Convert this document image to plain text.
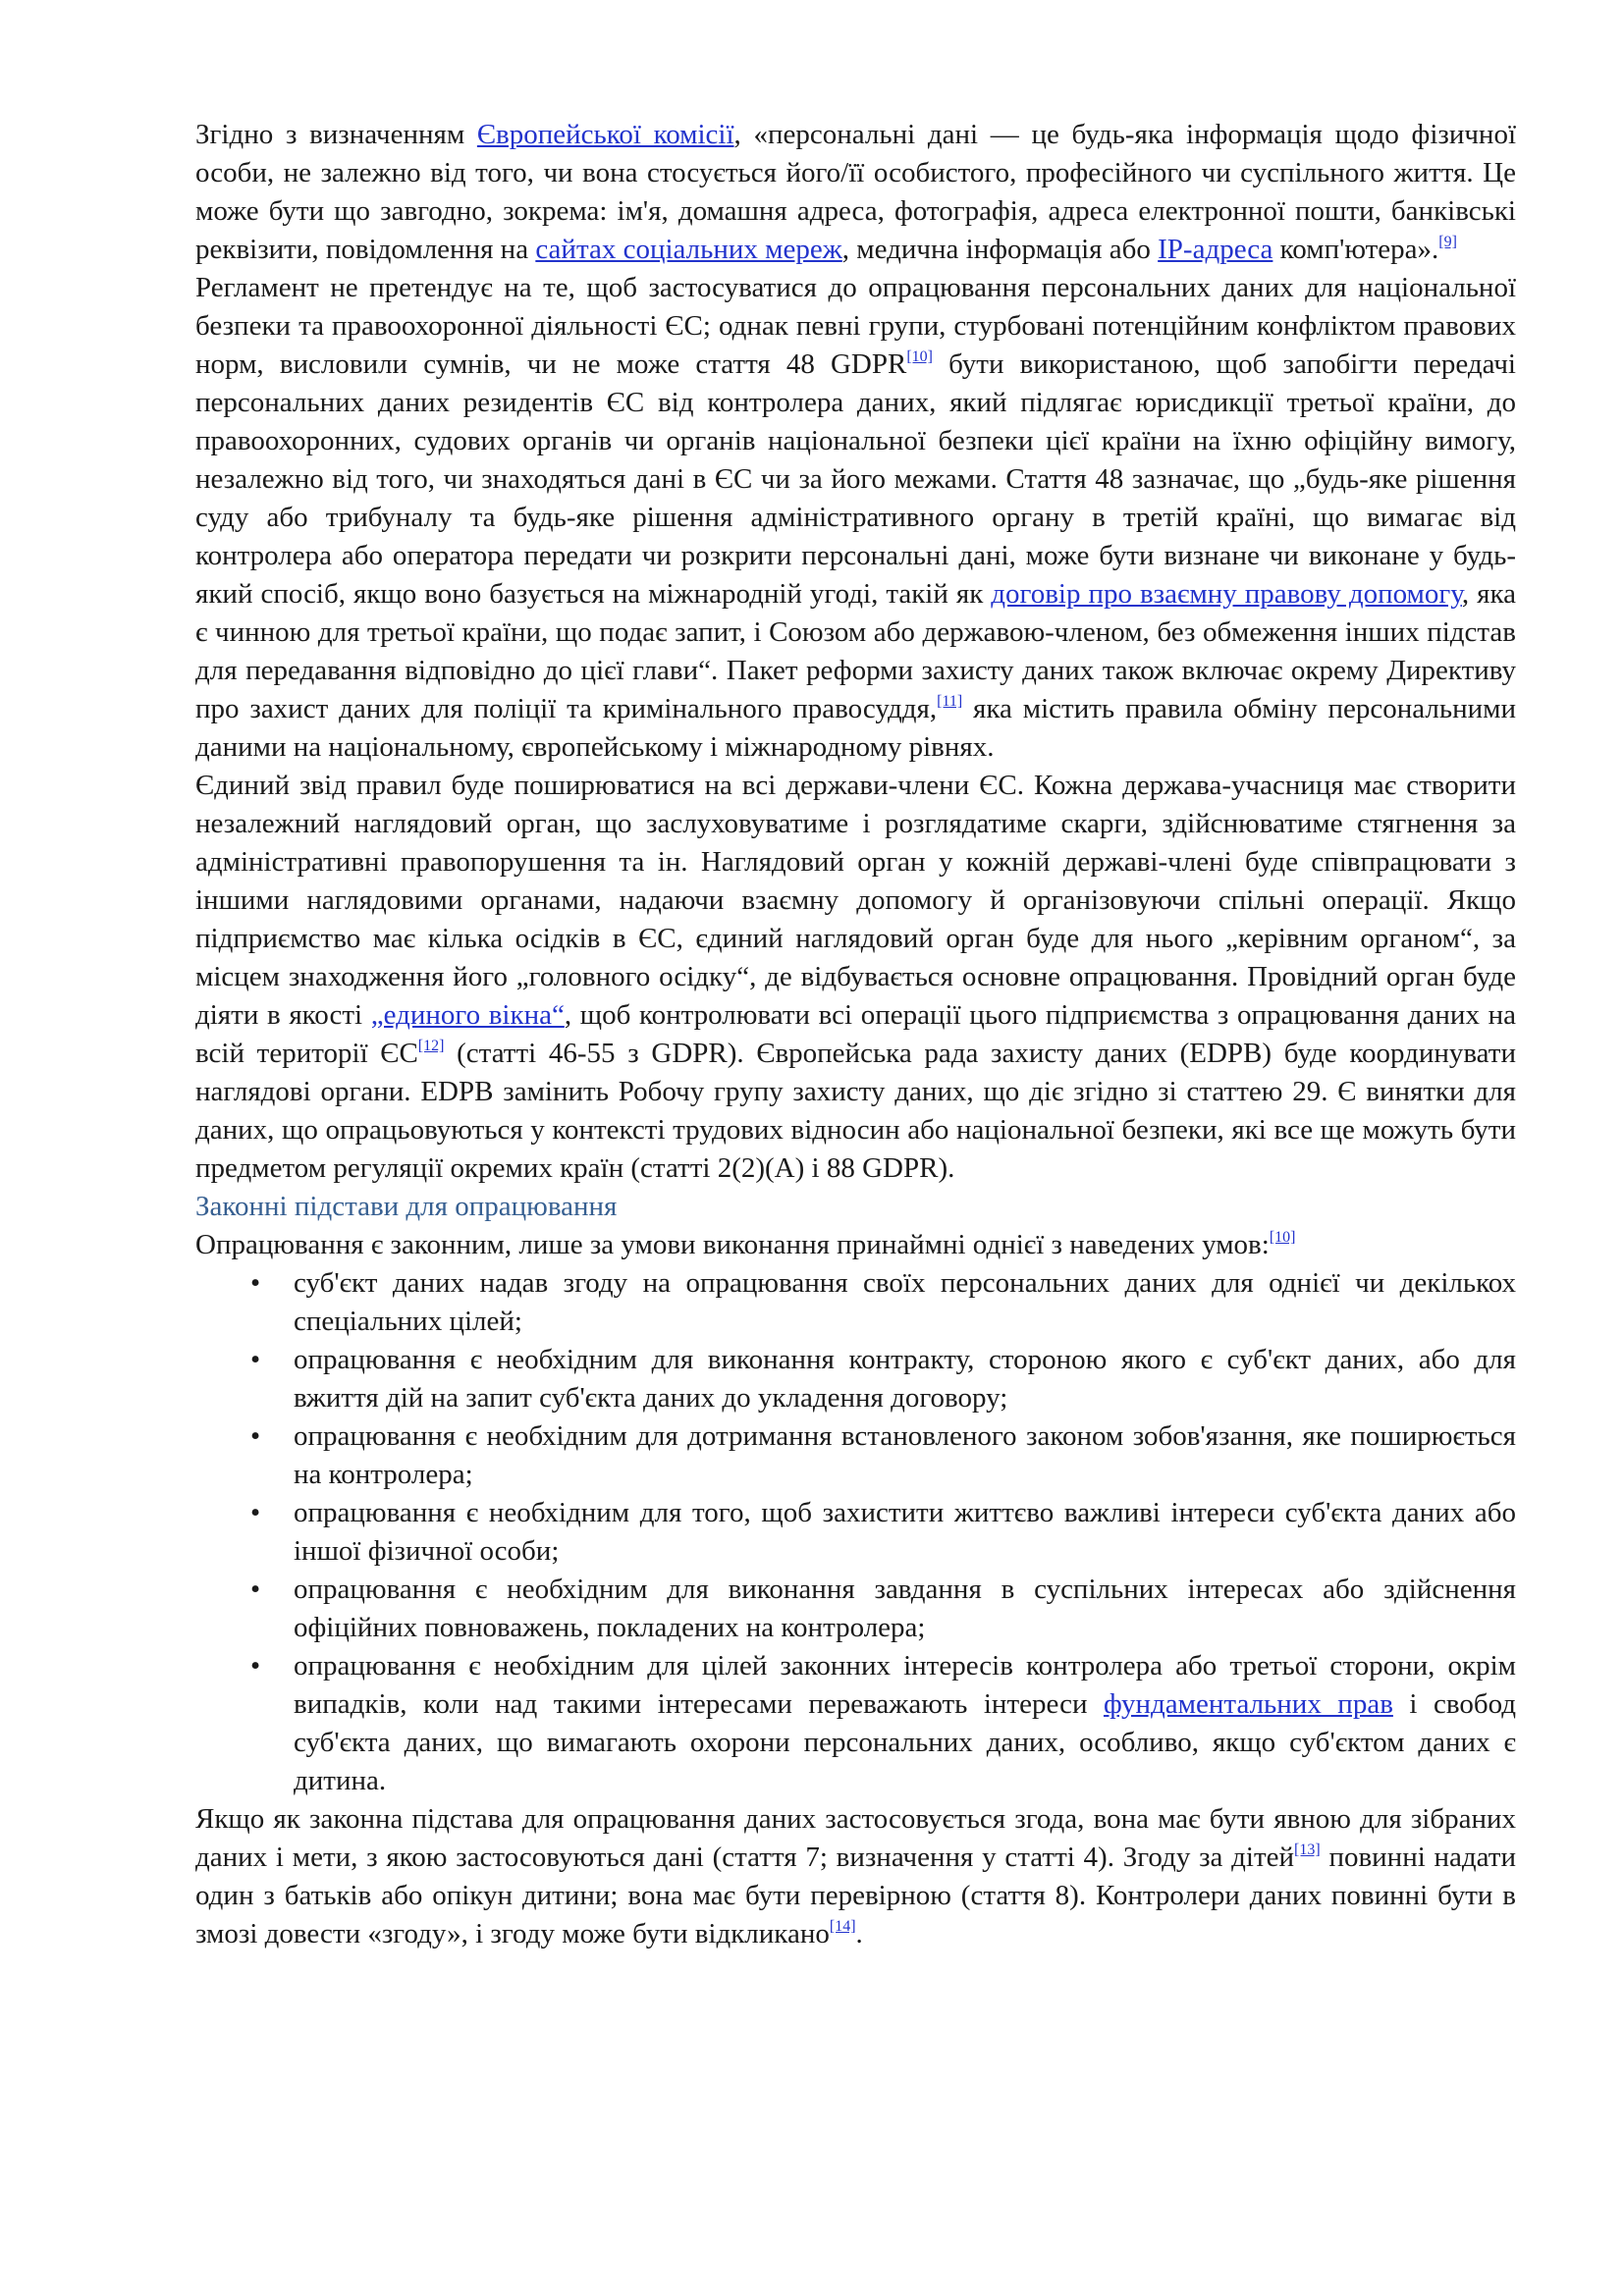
Згідно з визначенням Європейської комісії, «персональні дані — це будь-яка інформація щодо фізичної особи, не залежно від того, чи вона стосується його/її особистого, професійного чи суспільного життя. Це може бути що завгодно, зокрема: ім'я, домашня адреса, фотографія, адреса електронної пошти, банківські реквізити, повідомлення на сайтах соціальних мереж, медична інформація або IP-адреса комп'ютера».[9]

Регламент не претендує на те, щоб застосуватися до опрацювання персональних даних для національної безпеки та правоохоронної діяльності ЄС; однак певні групи, стурбовані потенційним конфліктом правових норм, висловили сумнів, чи не може стаття 48 GDPR[10] бути використаною, щоб запобігти передачі персональних даних резидентів ЄС від контролера даних, який підлягає юрисдикції третьої країни, до правоохоронних, судових органів чи органів національної безпеки цієї країни на їхню офіційну вимогу, незалежно від того, чи знаходяться дані в ЄС чи за його межами. Стаття 48 зазначає, що „будь-яке рішення суду або трибуналу та будь-яке рішення адміністративного органу в третій країні, що вимагає від контролера або оператора передати чи розкрити персональні дані, може бути визнане чи виконане у будь-який спосіб, якщо воно базується на міжнародній угоді, такій як договір про взаємну правову допомогу, яка є чинною для третьої країни, що подає запит, і Союзом або державою-членом, без обмеження інших підстав для передавання відповідно до цієї глави“. Пакет реформи захисту даних також включає окрему Директиву про захист даних для поліції та кримінального правосуддя,[11] яка містить правила обміну персональними даними на національному, європейському і міжнародному рівнях.

Єдиний звід правил буде поширюватися на всі держави-члени ЄС. Кожна держава-учасниця має створити незалежний наглядовий орган, що заслуховуватиме і розглядатиме скарги, здійснюватиме стягнення за адміністративні правопорушення та ін. Наглядовий орган у кожній державі-члені буде співпрацювати з іншими наглядовими органами, надаючи взаємну допомогу й організовуючи спільні операції. Якщо підприємство має кілька осідків в ЄС, єдиний наглядовий орган буде для нього „керівним органом“, за місцем знаходження його „головного осідку“, де відбувається основне опрацювання. Провідний орган буде діяти в якості „единого вікна“, щоб контролювати всі операції цього підприємства з опрацювання даних на всій території ЄС[12] (статті 46-55 з GDPR). Європейська рада захисту даних (EDPB) буде координувати наглядові органи. EDPB замінить Робочу групу захисту даних, що діє згідно зі статтею 29. Є винятки для даних, що опрацьовуються у контексті трудових відносин або національної безпеки, які все ще можуть бути предметом регуляції окремих країн (статті 2(2)(A) і 88 GDPR).

Законні підстави для опрацювання

Опрацювання є законним, лише за умови виконання принаймні однієї з наведених умов:[10]

• суб'єкт даних надав згоду на опрацювання своїх персональних даних для однієї чи декількох спеціальних цілей;
• опрацювання є необхідним для виконання контракту, стороною якого є суб'єкт даних, або для вжиття дій на запит суб'єкта даних до укладення договору;
• опрацювання є необхідним для дотримання встановленого законом зобов'язання, яке поширюється на контролера;
• опрацювання є необхідним для того, щоб захистити життєво важливі інтереси суб'єкта даних або іншої фізичної особи;
• опрацювання є необхідним для виконання завдання в суспільних інтересах або здійснення офіційних повноважень, покладених на контролера;
• опрацювання є необхідним для цілей законних інтересів контролера або третьої сторони, окрім випадків, коли над такими інтересами переважають інтереси фундаментальних прав і свобод суб'єкта даних, що вимагають охорони персональних даних, особливо, якщо суб'єктом даних є дитина.

Якщо як законна підстава для опрацювання даних застосовується згода, вона має бути явною для зібраних даних і мети, з якою застосовуються дані (стаття 7; визначення у статті 4). Згоду за дітей[13] повинні надати один з батьків або опікун дитини; вона має бути перевірною (стаття 8). Контролери даних повинні бути в змозі довести «згоду», і згоду може бути відкликано[14].
